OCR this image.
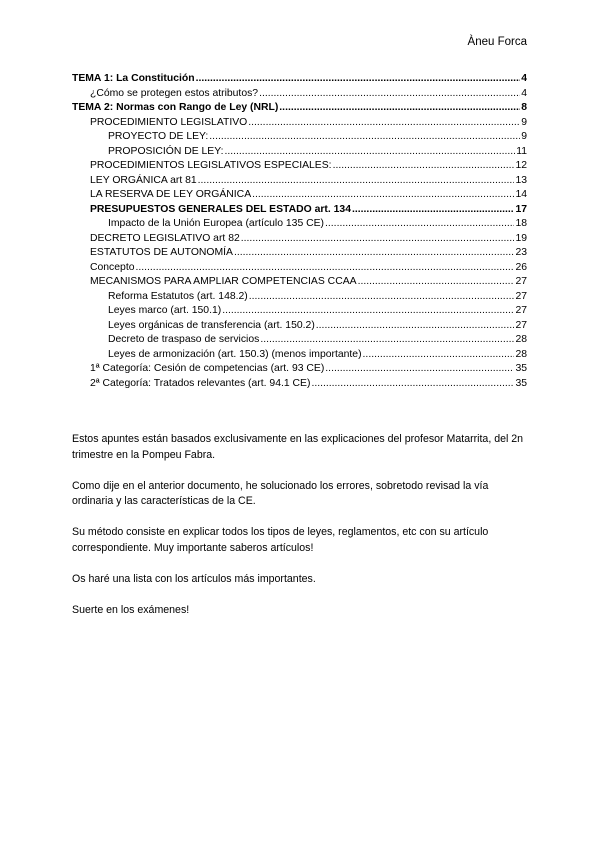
Àneu Forca
TEMA 1: La Constitución .....	4
¿Cómo se protegen estos atributos? .....	4
TEMA 2: Normas con Rango de Ley (NRL) .....	8
PROCEDIMIENTO LEGISLATIVO .....	9
PROYECTO DE LEY: .....	9
PROPOSICIÓN DE LEY: .....	11
PROCEDIMIENTOS LEGISLATIVOS ESPECIALES: .....	12
LEY ORGÁNICA art 81 .....	13
LA RESERVA DE LEY ORGÁNICA .....	14
PRESUPUESTOS GENERALES DEL ESTADO art. 134 .....	17
Impacto de la Unión Europea (artículo 135 CE) .....	18
DECRETO LEGISLATIVO art 82 .....	19
ESTATUTOS DE AUTONOMÍA .....	23
Concepto .....	26
MECANISMOS PARA AMPLIAR COMPETENCIAS CCAA .....	27
Reforma Estatutos (art. 148.2) .....	27
Leyes marco (art. 150.1) .....	27
Leyes orgánicas de transferencia (art. 150.2) .....	27
Decreto de traspaso de servicios .....	28
Leyes de armonización (art. 150.3) (menos importante) .....	28
1ª Categoría: Cesión de competencias (art. 93 CE) .....	35
2ª Categoría: Tratados relevantes (art. 94.1 CE) .....	35

Estos apuntes están basados exclusivamente en las explicaciones del profesor Matarrita, del 2n trimestre en la Pompeu Fabra.

Como dije en el anterior documento, he solucionado los errores, sobretodo revisad la vía ordinaria y las características de la CE.

Su método consiste en explicar todos los tipos de leyes, reglamentos, etc con su artículo correspondiente. Muy importante saberos artículos!

Os haré una lista con los artículos más importantes.

Suerte en los exámenes!
